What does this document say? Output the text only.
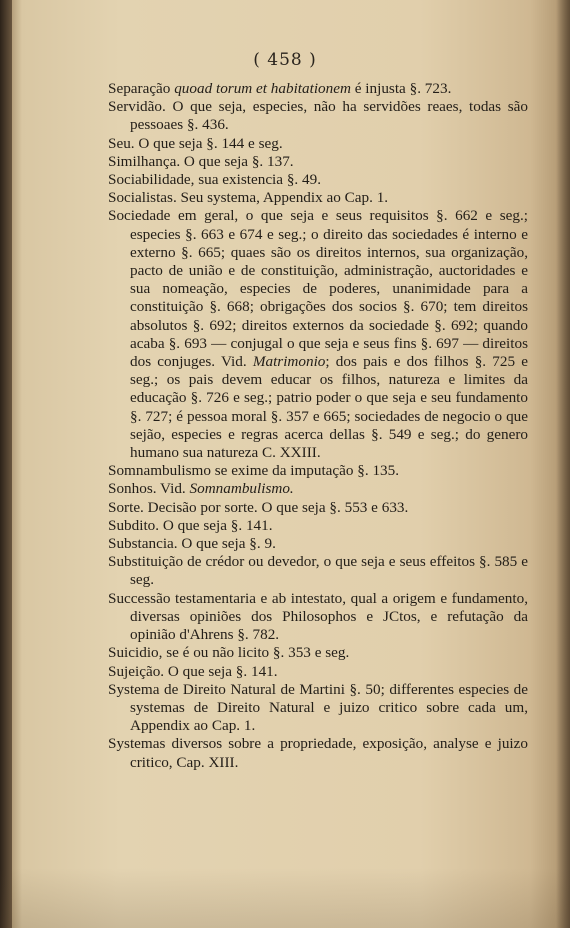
( 458 )

Separação quoad torum et habitationem é injusta §. 723.

Servidão. O que seja, especies, não ha servidões reaes, todas são pessoaes §. 436.

Seu. O que seja §. 144 e seg.

Similhança. O que seja §. 137.

Sociabilidade, sua existencia §. 49.

Socialistas. Seu systema, Appendix ao Cap. 1.

Sociedade em geral, o que seja e seus requisitos §. 662 e seg.; especies §. 663 e 674 e seg.; o direito das sociedades é interno e externo §. 665; quaes são os direitos internos, sua organização, pacto de união e de constituição, administração, auctoridades e sua nomeação, especies de poderes, unanimidade para a constituição §. 668; obrigações dos socios §. 670; tem direitos absolutos §. 692; direitos externos da sociedade §. 692; quando acaba §. 693 — conjugal o que seja e seus fins §. 697 — direitos dos conjuges. Vid. Matrimonio; dos pais e dos filhos §. 725 e seg.; os pais devem educar os filhos, natureza e limites da educação §. 726 e seg.; patrio poder o que seja e seu fundamento §. 727; é pessoa moral §. 357 e 665; sociedades de negocio o que sejão, especies e regras acerca dellas §. 549 e seg.; do genero humano sua natureza C. XXIII.

Somnambulismo se exime da imputação §. 135.

Sonhos. Vid. Somnambulismo.

Sorte. Decisão por sorte. O que seja §. 553 e 633.

Subdito. O que seja §. 141.

Substancia. O que seja §. 9.

Substituição de crédor ou devedor, o que seja e seus effeitos §. 585 e seg.

Successão testamentaria e ab intestato, qual a origem e fundamento, diversas opiniões dos Philosophos e JCtos, e refutação da opinião d'Ahrens §. 782.

Suicidio, se é ou não licito §. 353 e seg.

Sujeição. O que seja §. 141.

Systema de Direito Natural de Martini §. 50; differentes especies de systemas de Direito Natural e juizo critico sobre cada um, Appendix ao Cap. 1.

Systemas diversos sobre a propriedade, exposição, analyse e juizo critico, Cap. XIII.
